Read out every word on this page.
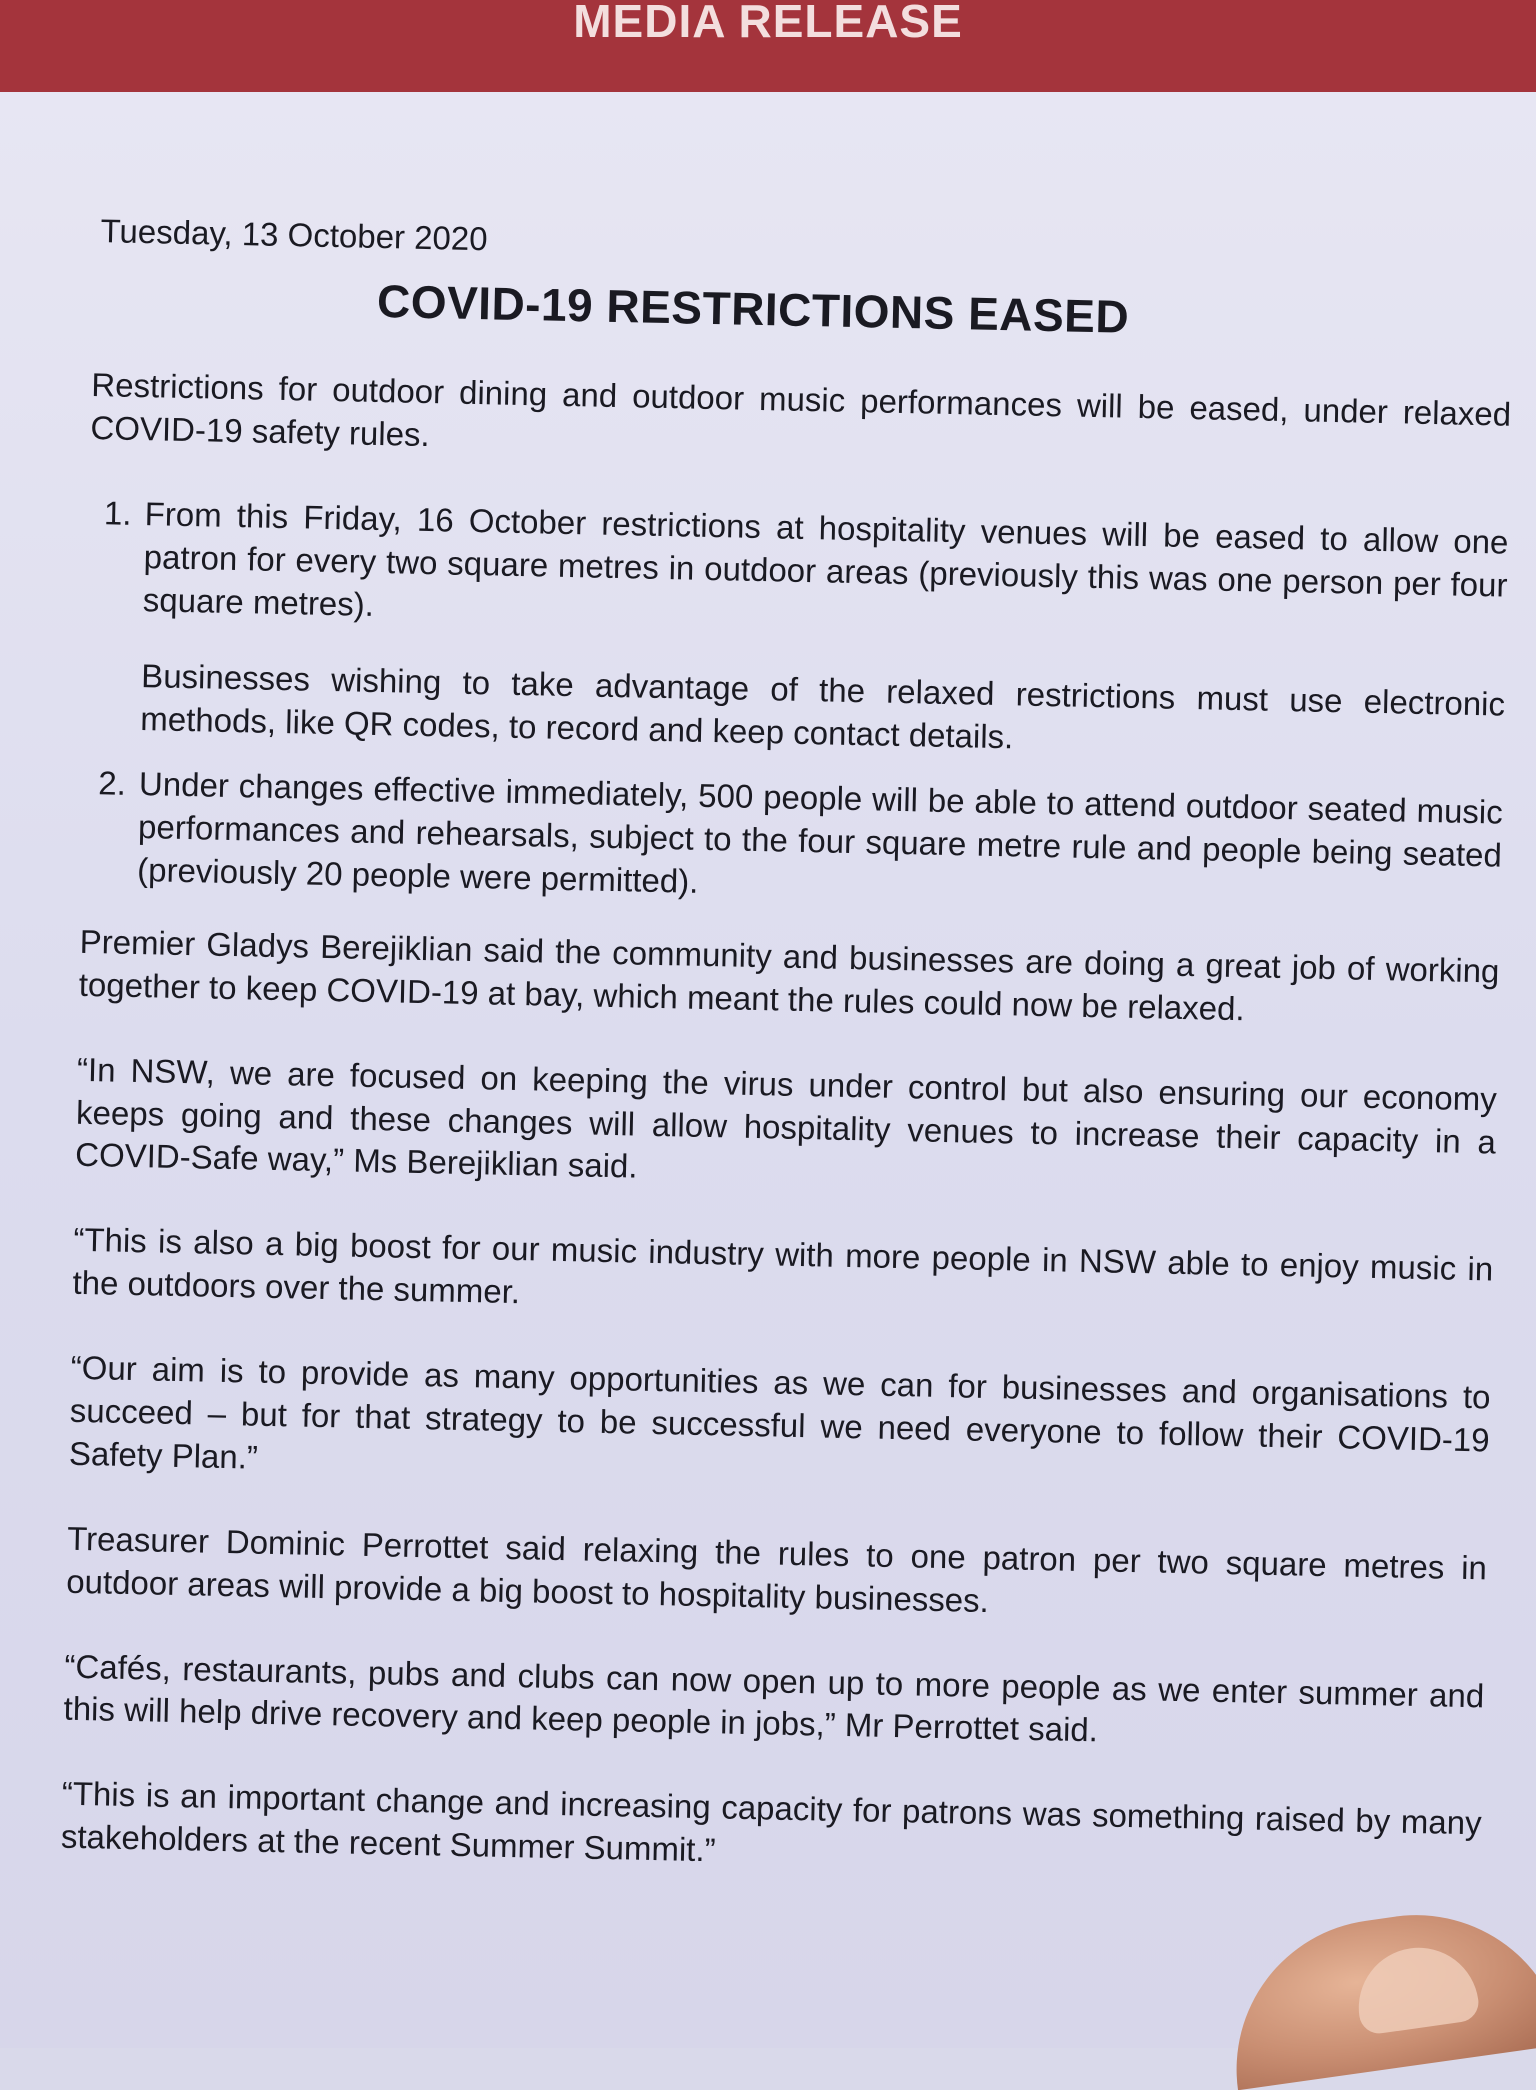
MEDIA RELEASE
Tuesday, 13 October 2020
COVID-19 RESTRICTIONS EASED

Restrictions for outdoor dining and outdoor music performances will be eased, under relaxed COVID-19 safety rules.

1. From this Friday, 16 October restrictions at hospitality venues will be eased to allow one patron for every two square metres in outdoor areas (previously this was one person per four square metres).

Businesses wishing to take advantage of the relaxed restrictions must use electronic methods, like QR codes, to record and keep contact details.

2. Under changes effective immediately, 500 people will be able to attend outdoor seated music performances and rehearsals, subject to the four square metre rule and people being seated (previously 20 people were permitted).

Premier Gladys Berejiklian said the community and businesses are doing a great job of working together to keep COVID-19 at bay, which meant the rules could now be relaxed.

“In NSW, we are focused on keeping the virus under control but also ensuring our economy keeps going and these changes will allow hospitality venues to increase their capacity in a COVID-Safe way,” Ms Berejiklian said.

“This is also a big boost for our music industry with more people in NSW able to enjoy music in the outdoors over the summer.

“Our aim is to provide as many opportunities as we can for businesses and organisations to succeed – but for that strategy to be successful we need everyone to follow their COVID-19 Safety Plan.”

Treasurer Dominic Perrottet said relaxing the rules to one patron per two square metres in outdoor areas will provide a big boost to hospitality businesses.

“Cafés, restaurants, pubs and clubs can now open up to more people as we enter summer and this will help drive recovery and keep people in jobs,” Mr Perrottet said.

“This is an important change and increasing capacity for patrons was something raised by many stakeholders at the recent Summer Summit.”
